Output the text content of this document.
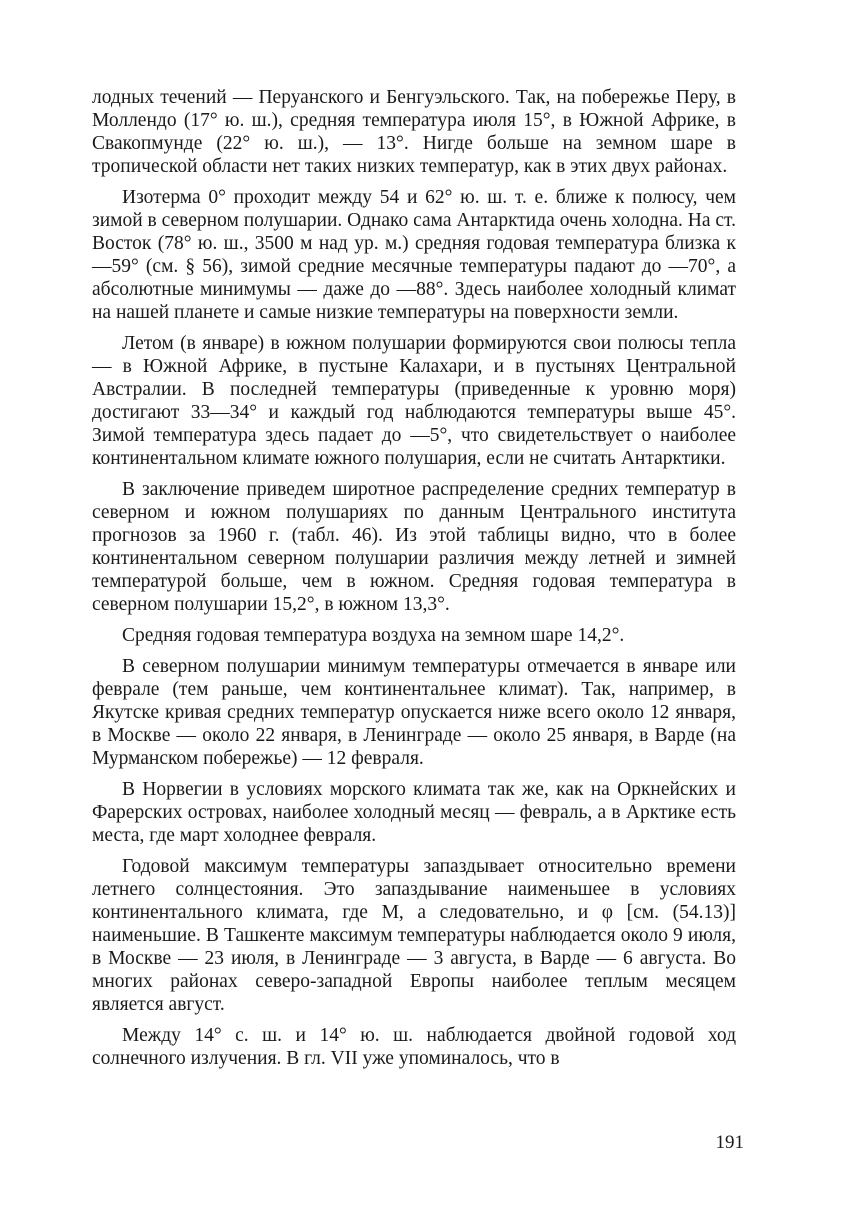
лодных течений — Перуанского и Бенгуэльского. Так, на побережье Перу, в Моллендо (17° ю. ш.), средняя температура июля 15°, в Южной Африке, в Свакопмунде (22° ю. ш.), — 13°. Нигде больше на земном шаре в тропической области нет таких низких температур, как в этих двух районах.

Изотерма 0° проходит между 54 и 62° ю. ш. т. е. ближе к полюсу, чем зимой в северном полушарии. Однако сама Антарктида очень холодна. На ст. Восток (78° ю. ш., 3500 м над ур. м.) средняя годовая температура близка к —59° (см. § 56), зимой средние месячные температуры падают до —70°, а абсолютные минимумы — даже до —88°. Здесь наиболее холодный климат на нашей планете и самые низкие температуры на поверхности земли.

Летом (в январе) в южном полушарии формируются свои полюсы тепла — в Южной Африке, в пустыне Калахари, и в пустынях Центральной Австралии. В последней температуры (приведенные к уровню моря) достигают 33—34° и каждый год наблюдаются температуры выше 45°. Зимой температура здесь падает до —5°, что свидетельствует о наиболее континентальном климате южного полушария, если не считать Антарктики.

В заключение приведем широтное распределение средних температур в северном и южном полушариях по данным Центрального института прогнозов за 1960 г. (табл. 46). Из этой таблицы видно, что в более континентальном северном полушарии различия между летней и зимней температурой больше, чем в южном. Средняя годовая температура в северном полушарии 15,2°, в южном 13,3°.

Средняя годовая температура воздуха на земном шаре 14,2°.

В северном полушарии минимум температуры отмечается в январе или феврале (тем раньше, чем континентальнее климат). Так, например, в Якутске кривая средних температур опускается ниже всего около 12 января, в Москве — около 22 января, в Ленинграде — около 25 января, в Варде (на Мурманском побережье) — 12 февраля.

В Норвегии в условиях морского климата так же, как на Оркнейских и Фарерских островах, наиболее холодный месяц — февраль, а в Арктике есть места, где март холоднее февраля.

Годовой максимум температуры запаздывает относительно времени летнего солнцестояния. Это запаздывание наименьшее в условиях континентального климата, где M, а следовательно, и φ [см. (54.13)] наименьшие. В Ташкенте максимум температуры наблюдается около 9 июля, в Москве — 23 июля, в Ленинграде — 3 августа, в Варде — 6 августа. Во многих районах северо-западной Европы наиболее теплым месяцем является август.

Между 14° с. ш. и 14° ю. ш. наблюдается двойной годовой ход солнечного излучения. В гл. VII уже упоминалось, что в

191
